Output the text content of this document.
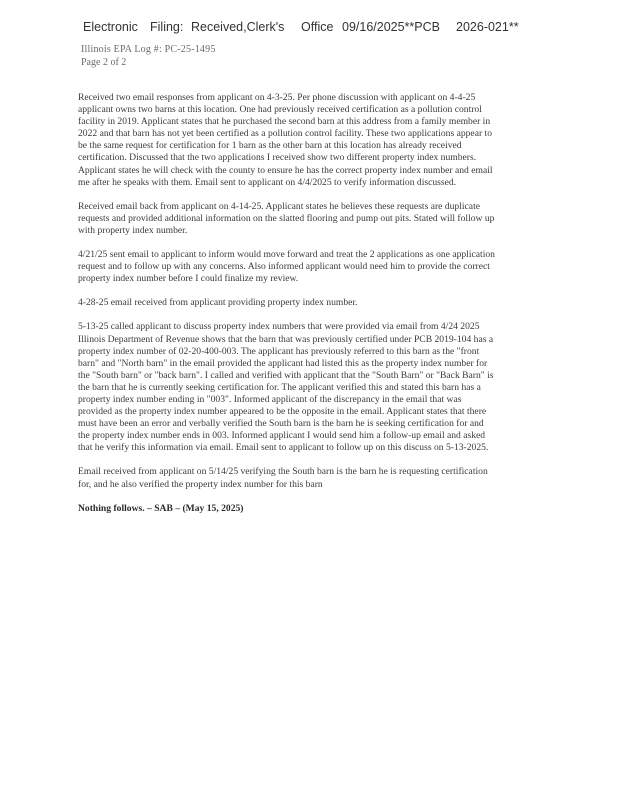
Electronic Filing: Received,Clerk's Office 09/16/2025**PCB 2026-021**
Illinois EPA Log #: PC-25-1495
Page 2 of 2

Received two email responses from applicant on 4-3-25. Per phone discussion with applicant on 4-4-25 applicant owns two barns at this location. One had previously received certification as a pollution control facility in 2019. Applicant states that he purchased the second barn at this address from a family member in 2022 and that barn has not yet been certified as a pollution control facility. These two applications appear to be the same request for certification for 1 barn as the other barn at this location has already received certification. Discussed that the two applications I received show two different property index numbers. Applicant states he will check with the county to ensure he has the correct property index number and email me after he speaks with them. Email sent to applicant on 4/4/2025 to verify information discussed.

Received email back from applicant on 4-14-25. Applicant states he believes these requests are duplicate requests and provided additional information on the slatted flooring and pump out pits. Stated will follow up with property index number.

4/21/25 sent email to applicant to inform would move forward and treat the 2 applications as one application request and to follow up with any concerns. Also informed applicant would need him to provide the correct property index number before I could finalize my review.

4-28-25 email received from applicant providing property index number.

5-13-25 called applicant to discuss property index numbers that were provided via email from 4/24 2025 Illinois Department of Revenue shows that the barn that was previously certified under PCB 2019-104 has a property index number of 02-20-400-003. The applicant has previously referred to this barn as the "front barn" and "North barn" in the email provided the applicant had listed this as the property index number for the "South barn" or "back barn". I called and verified with applicant that the "South Barn" or "Back Barn" is the barn that he is currently seeking certification for. The applicant verified this and stated this barn has a property index number ending in "003". Informed applicant of the discrepancy in the email that was provided as the property index number appeared to be the opposite in the email. Applicant states that there must have been an error and verbally verified the South barn is the barn he is seeking certification for and the property index number ends in 003. Informed applicant I would send him a follow-up email and asked that he verify this information via email. Email sent to applicant to follow up on this discuss on 5-13-2025.

Email received from applicant on 5/14/25 verifying the South barn is the barn he is requesting certification for, and he also verified the property index number for this barn

Nothing follows. – SAB – (May 15, 2025)
